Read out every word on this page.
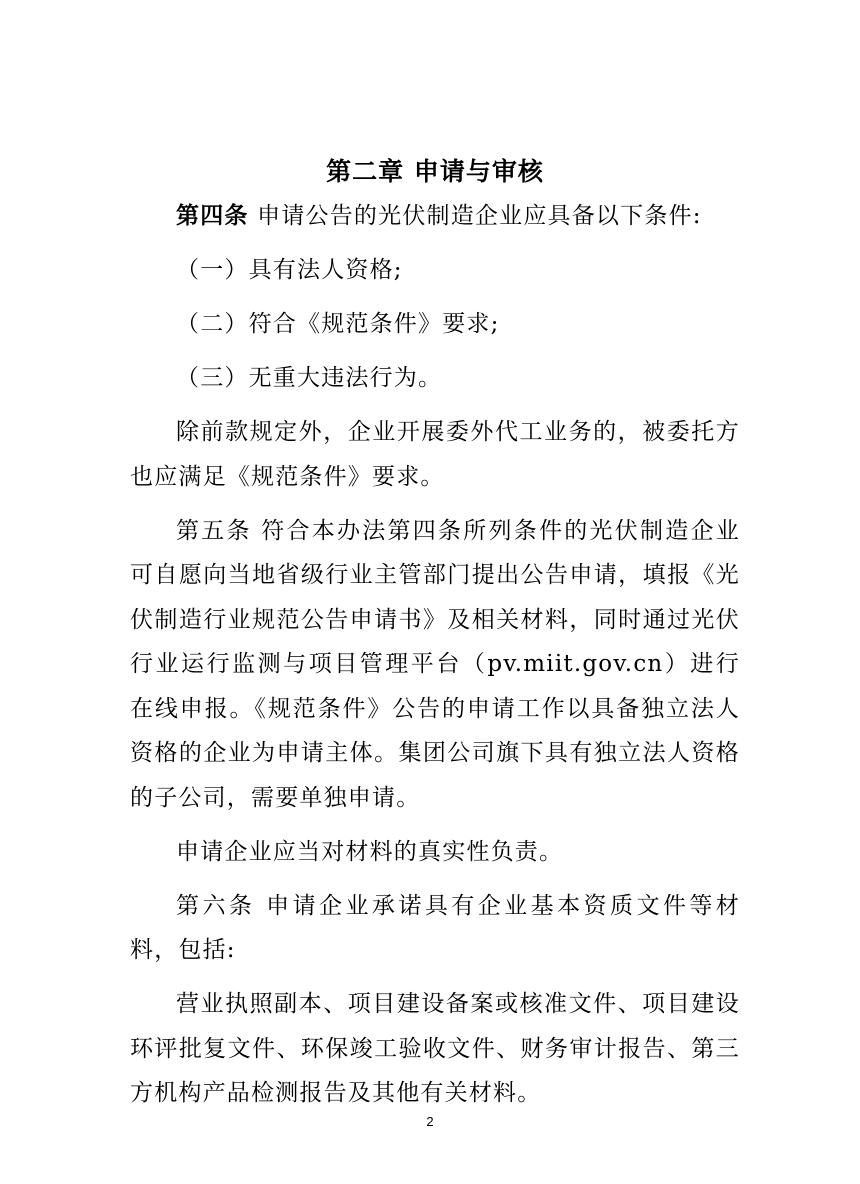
第二章 申请与审核

第四条 申请公告的光伏制造企业应具备以下条件:

（一）具有法人资格;

（二）符合《规范条件》要求;

（三）无重大违法行为。

除前款规定外，企业开展委外代工业务的，被委托方也应满足《规范条件》要求。

第五条 符合本办法第四条所列条件的光伏制造企业可自愿向当地省级行业主管部门提出公告申请，填报《光伏制造行业规范公告申请书》及相关材料，同时通过光伏行业运行监测与项目管理平台（pv.miit.gov.cn）进行在线申报。《规范条件》公告的申请工作以具备独立法人资格的企业为申请主体。集团公司旗下具有独立法人资格的子公司，需要单独申请。

申请企业应当对材料的真实性负责。

第六条 申请企业承诺具有企业基本资质文件等材料，包括:

营业执照副本、项目建设备案或核准文件、项目建设环评批复文件、环保竣工验收文件、财务审计报告、第三方机构产品检测报告及其他有关材料。

2
